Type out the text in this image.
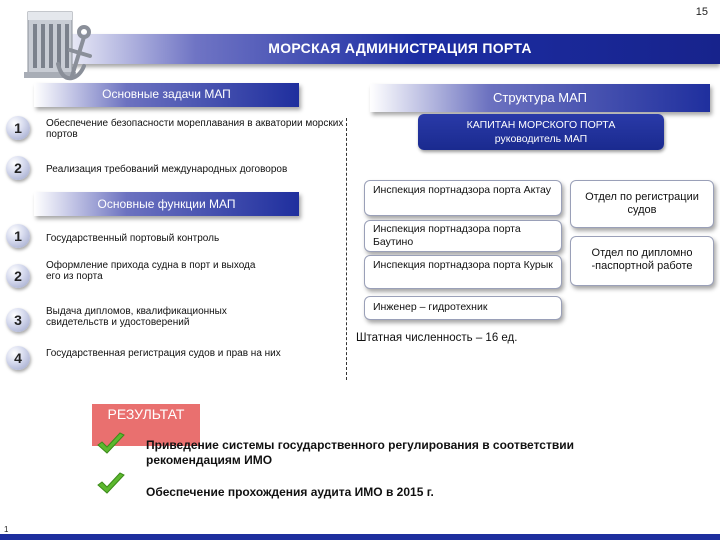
15
МОРСКАЯ АДМИНИСТРАЦИЯ ПОРТА
Основные задачи МАП
1	Обеспечение безопасности мореплавания в акватории морских портов
2	Реализация требований международных договоров
Основные функции МАП
1	Государственный портовый контроль
2
Оформление прихода судна в порт и выхода его из порта
3
Выдача дипломов, квалификационных свидетельств и удостоверений
4	Государственная регистрация судов и прав на них
Структура МАП
КАПИТАН МОРСКОГО ПОРТА
руководитель МАП
Инспекция портнадзора порта Актау
Инспекция портнадзора порта Баутино
Инспекция портнадзора порта Курык
Инженер – гидротехник
Отдел по регистрации судов
Отдел по дипломно -паспортной работе
Штатная численность – 16 ед.
РЕЗУЛЬТАТ
Приведение системы государственного регулирования в соответствии рекомендациям ИМО
Обеспечение прохождения аудита ИМО в 2015 г.
1
